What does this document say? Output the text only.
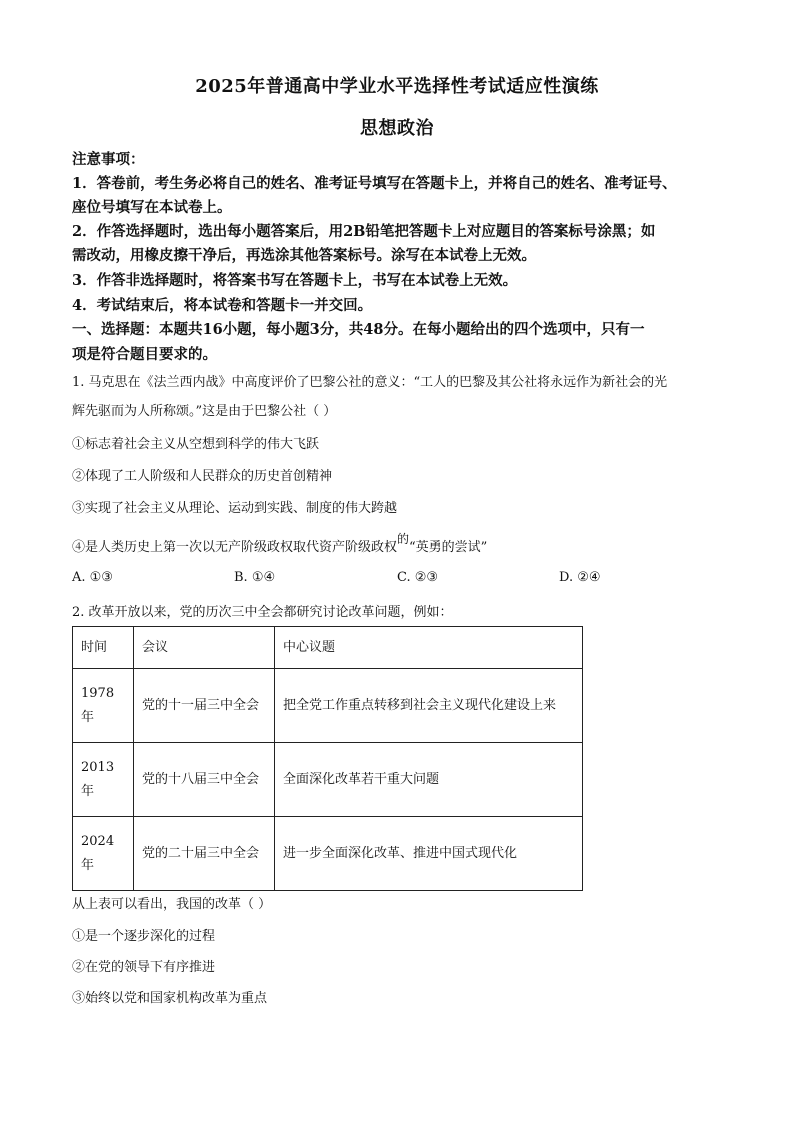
2025年普通高中学业水平选择性考试适应性演练
思想政治
注意事项：
1．答卷前，考生务必将自己的姓名、准考证号填写在答题卡上，并将自己的姓名、准考证号、
座位号填写在本试卷上。
2．作答选择题时，选出每小题答案后，用2B铅笔把答题卡上对应题目的答案标号涂黑；如
需改动，用橡皮擦干净后，再选涂其他答案标号。涂写在本试卷上无效。
3．作答非选择题时，将答案书写在答题卡上，书写在本试卷上无效。
4．考试结束后，将本试卷和答题卡一并交回。
一、选择题：本题共16小题，每小题3分，共48分。在每小题给出的四个选项中，只有一
项是符合题目要求的。
1. 马克思在《法兰西内战》中高度评价了巴黎公社的意义：“工人的巴黎及其公社将永远作为新社会的光
辉先驱而为人所称颂。”这是由于巴黎公社（ ）
①标志着社会主义从空想到科学的伟大飞跃
②体现了工人阶级和人民群众的历史首创精神
③实现了社会主义从理论、运动到实践、制度的伟大跨越
④是人类历史上第一次以无产阶级政权取代资产阶级政权的“英勇的尝试”
A. ①③	B. ①④	C. ②③	D. ②④
2. 改革开放以来，党的历次三中全会都研究讨论改革问题，例如：
时间	会议	中心议题
1978年	党的十一届三中全会	把全党工作重点转移到社会主义现代化建设上来
2013年	党的十八届三中全会	全面深化改革若干重大问题
2024年	党的二十届三中全会	进一步全面深化改革、推进中国式现代化
从上表可以看出，我国的改革（ ）
①是一个逐步深化的过程
②在党的领导下有序推进
③始终以党和国家机构改革为重点
